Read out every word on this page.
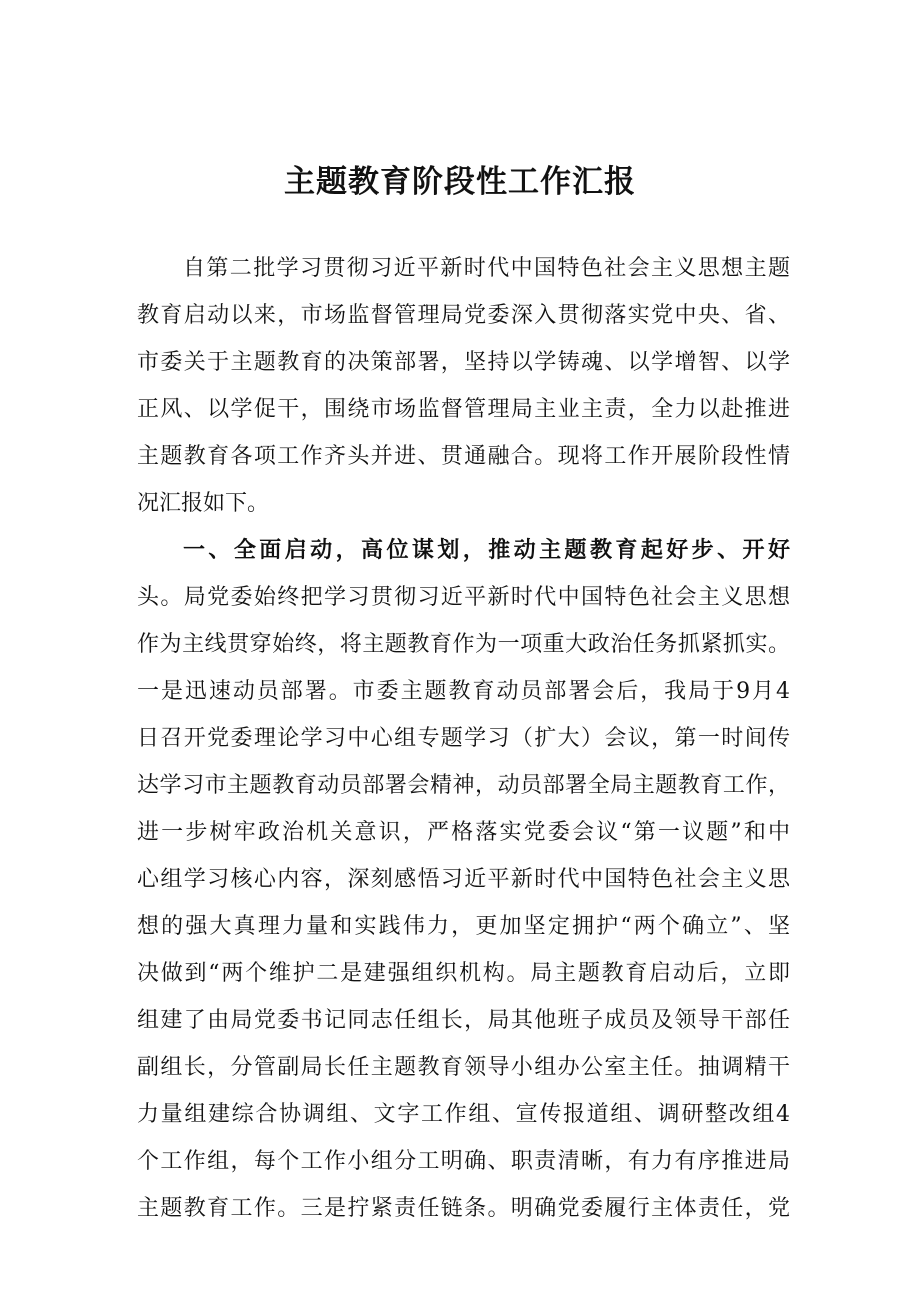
主题教育阶段性工作汇报
自第二批学习贯彻习近平新时代中国特色社会主义思想主题
教育启动以来，市场监督管理局党委深入贯彻落实党中央、省、
市委关于主题教育的决策部署，坚持以学铸魂、以学增智、以学
正风、以学促干，围绕市场监督管理局主业主责，全力以赴推进
主题教育各项工作齐头并进、贯通融合。现将工作开展阶段性情
况汇报如下。
一、全面启动，高位谋划，推动主题教育起好步、开好
头。局党委始终把学习贯彻习近平新时代中国特色社会主义思想
作为主线贯穿始终，将主题教育作为一项重大政治任务抓紧抓实。
一是迅速动员部署。市委主题教育动员部署会后，我局于9月4
日召开党委理论学习中心组专题学习（扩大）会议，第一时间传
达学习市主题教育动员部署会精神，动员部署全局主题教育工作，
进一步树牢政治机关意识，严格落实党委会议“第一议题”和中
心组学习核心内容，深刻感悟习近平新时代中国特色社会主义思
想的强大真理力量和实践伟力，更加坚定拥护“两个确立”、坚
决做到“两个维护二是建强组织机构。局主题教育启动后，立即
组建了由局党委书记同志任组长，局其他班子成员及领导干部任
副组长，分管副局长任主题教育领导小组办公室主任。抽调精干
力量组建综合协调组、文字工作组、宣传报道组、调研整改组4
个工作组，每个工作小组分工明确、职责清晰，有力有序推进局
主题教育工作。三是拧紧责任链条。明确党委履行主体责任，党
